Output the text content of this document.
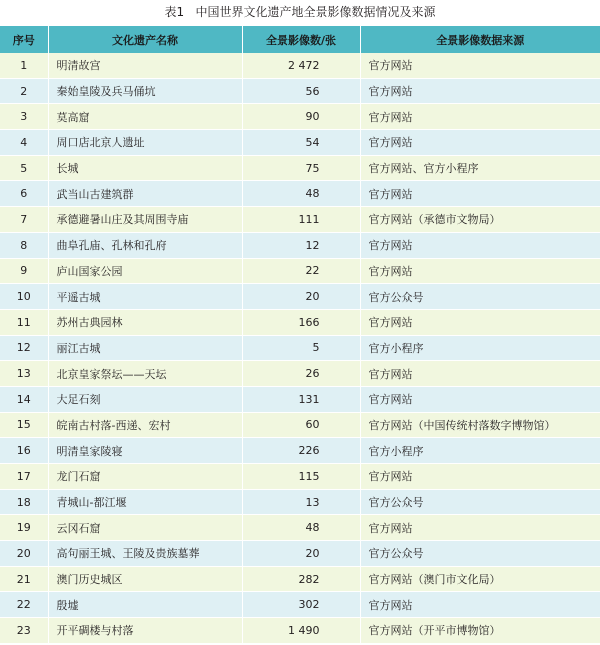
表1   中国世界文化遗产地全景影像数据情况及来源
序号	文化遗产名称	全景影像数/张	全景影像数据来源
1	明清故宫	2 472	官方网站
2	秦始皇陵及兵马俑坑	56	官方网站
3	莫高窟	90	官方网站
4	周口店北京人遗址	54	官方网站
5	长城	75	官方网站、官方小程序
6	武当山古建筑群	48	官方网站
7	承德避暑山庄及其周围寺庙	111	官方网站（承德市文物局）
8	曲阜孔庙、孔林和孔府	12	官方网站
9	庐山国家公园	22	官方网站
10	平遥古城	20	官方公众号
11	苏州古典园林	166	官方网站
12	丽江古城	5	官方小程序
13	北京皇家祭坛——天坛	26	官方网站
14	大足石刻	131	官方网站
15	皖南古村落-西递、宏村	60	官方网站（中国传统村落数字博物馆）
16	明清皇家陵寝	226	官方小程序
17	龙门石窟	115	官方网站
18	青城山-都江堰	13	官方公众号
19	云冈石窟	48	官方网站
20	高句丽王城、王陵及贵族墓葬	20	官方公众号
21	澳门历史城区	282	官方网站（澳门市文化局）
22	殷墟	302	官方网站
23	开平碉楼与村落	1 490	官方网站（开平市博物馆）
